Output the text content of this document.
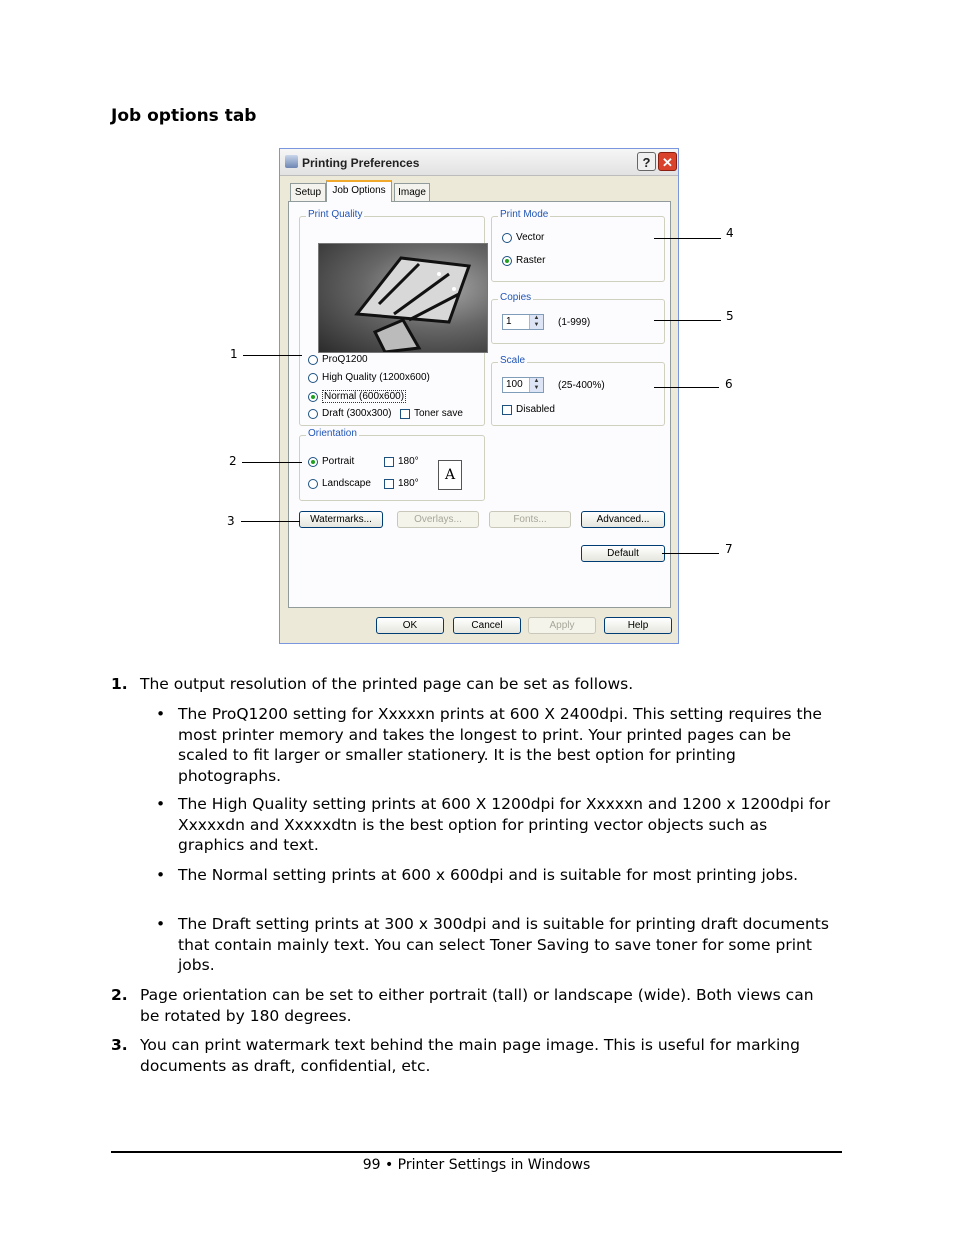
Job options tab
Printing Preferences	? ✕
Setup	Job Options	Image
Print Quality
ProQ1200
High Quality (1200x600)
Normal (600x600)
Draft (300x300) Toner save
Orientation
Portrait	180°
Landscape	180°
A
Print Mode
Vector
Raster
Copies
1	▲
▼	(1-999)
Scale
100	▲
▼	(25-400%)
Disabled
Watermarks...	Overlays...	Fonts...	Advanced...
Default
OK	Cancel	Apply	Help
1
2
3
4
5
6
7
1. The output resolution of the printed page can be set as follows.
• The ProQ1200 setting for Xxxxxn prints at 600 X 2400dpi. This setting requires the most printer memory and takes the longest to print. Your printed pages can be scaled to fit larger or smaller stationery. It is the best option for printing photographs.
• The High Quality setting prints at 600 X 1200dpi for Xxxxxn and 1200 x 1200dpi for Xxxxxdn and Xxxxxdtn is the best option for printing vector objects such as graphics and text.
• The Normal setting prints at 600 x 600dpi and is suitable for most printing jobs.
• The Draft setting prints at 300 x 300dpi and is suitable for printing draft documents that contain mainly text. You can select Toner Saving to save toner for some print jobs.
2. Page orientation can be set to either portrait (tall) or landscape (wide). Both views can be rotated by 180 degrees.
3. You can print watermark text behind the main page image. This is useful for marking documents as draft, confidential, etc.
99 • Printer Settings in Windows
